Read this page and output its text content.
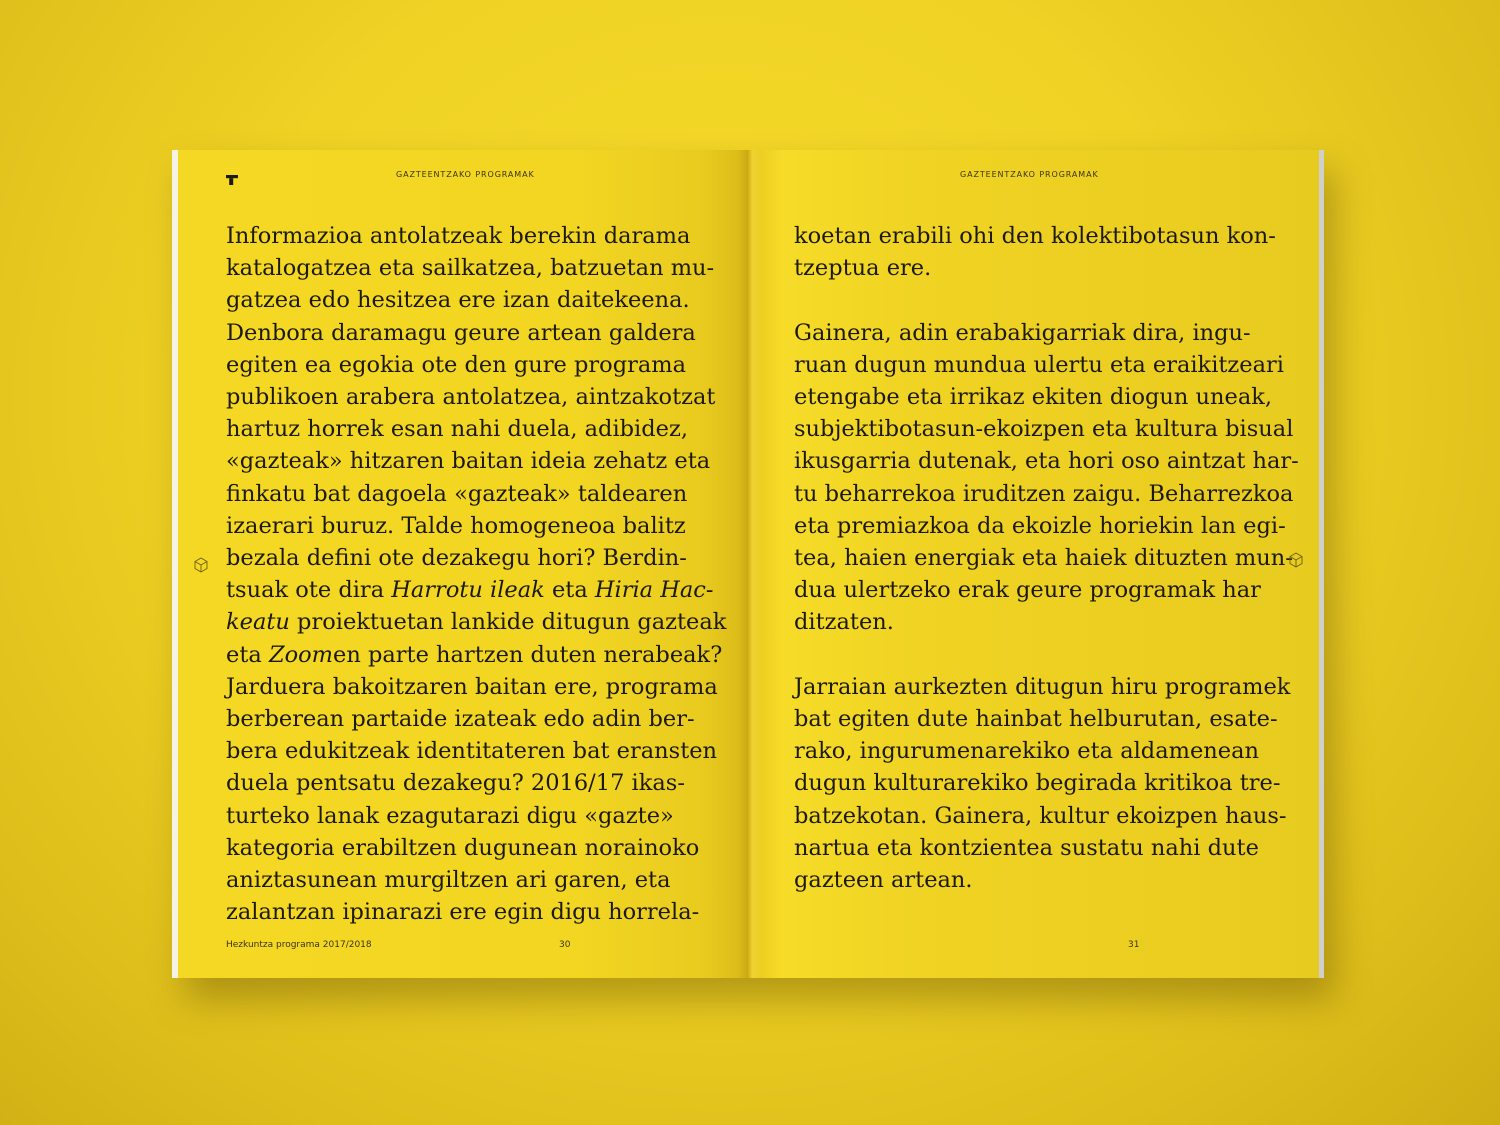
GAZTEENTZAKO PROGRAMAK
Informazioa antolatzeak berekin darama
katalogatzea eta sailkatzea, batzuetan mu-
gatzea edo hesitzea ere izan daitekeena.
Denbora daramagu geure artean galdera
egiten ea egokia ote den gure programa
publikoen arabera antolatzea, aintzakotzat
hartuz horrek esan nahi duela, adibidez,
«gazteak» hitzaren baitan ideia zehatz eta
finkatu bat dagoela «gazteak» taldearen
izaerari buruz. Talde homogeneoa balitz
bezala defini ote dezakegu hori? Berdin-
tsuak ote dira Harrotu ileak eta Hiria Hac-
keatu proiektuetan lankide ditugun gazteak
eta Zoomen parte hartzen duten nerabeak?
Jarduera bakoitzaren baitan ere, programa
berberean partaide izateak edo adin ber-
bera edukitzeak identitateren bat eransten
duela pentsatu dezakegu? 2016/17 ikas-
turteko lanak ezagutarazi digu «gazte»
kategoria erabiltzen dugunean norainoko
aniztasunean murgiltzen ari garen, eta
zalantzan ipinarazi ere egin digu horrela-
Hezkuntza programa 2017/2018	30
GAZTEENTZAKO PROGRAMAK
koetan erabili ohi den kolektibotasun kon-
tzeptua ere.
Gainera, adin erabakigarriak dira, ingu-
ruan dugun mundua ulertu eta eraikitzeari
etengabe eta irrikaz ekiten diogun uneak,
subjektibotasun-ekoizpen eta kultura bisual
ikusgarria dutenak, eta hori oso aintzat har-
tu beharrekoa iruditzen zaigu. Beharrezkoa
eta premiazkoa da ekoizle horiekin lan egi-
tea, haien energiak eta haiek dituzten mun-
dua ulertzeko erak geure programak har
ditzaten.
Jarraian aurkezten ditugun hiru programek
bat egiten dute hainbat helburutan, esate-
rako, ingurumenarekiko eta aldamenean
dugun kulturarekiko begirada kritikoa tre-
batzekotan. Gainera, kultur ekoizpen haus-
nartua eta kontzientea sustatu nahi dute
gazteen artean.
31
